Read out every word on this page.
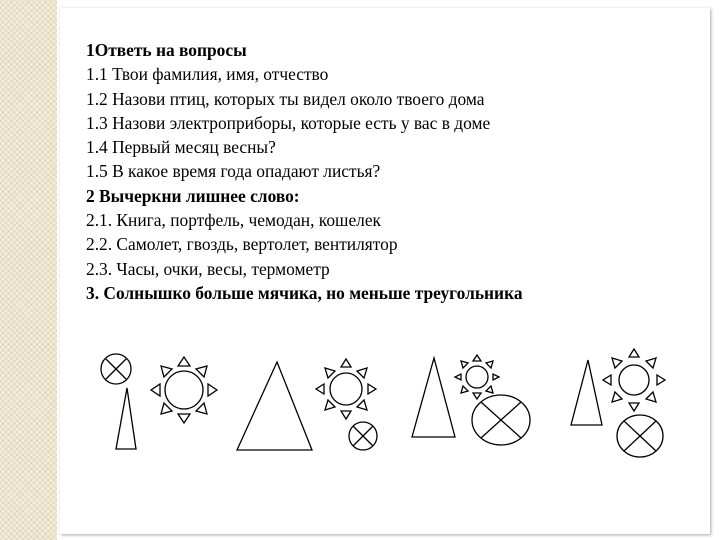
1Ответь на вопросы
1.1 Твои фамилия, имя, отчество
1.2 Назови птиц, которых ты видел около твоего дома
1.3 Назови электроприборы, которые есть у вас в доме
1.4 Первый месяц весны?
1.5 В какое время года опадают листья?
2 Вычеркни лишнее слово:
2.1. Книга, портфель, чемодан, кошелек
2.2. Самолет, гвоздь, вертолет, вентилятор
2.3. Часы, очки, весы, термометр
3. Солнышко больше мячика, но меньше треугольника
